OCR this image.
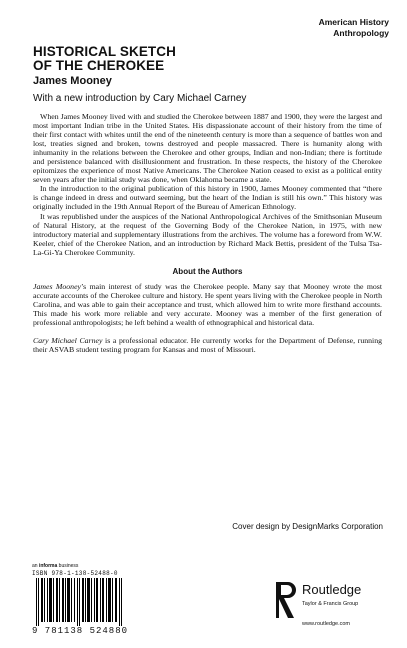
American History
Anthropology
HISTORICAL SKETCH
OF THE CHEROKEE
James Mooney
With a new introduction by Cary Michael Carney

When James Mooney lived with and studied the Cherokee between 1887 and 1900, they were the largest and most important Indian tribe in the United States. His dispassionate account of their history from the time of their first contact with whites until the end of the nineteenth century is more than a sequence of battles won and lost, treaties signed and broken, towns destroyed and people massacred. There is humanity along with inhumanity in the relations between the Cherokee and other groups, Indian and non-Indian; there is fortitude and persistence balanced with disillusionment and frustration. In these respects, the history of the Cherokee epitomizes the experience of most Native Americans. The Cherokee Nation ceased to exist as a political entity seven years after the initial study was done, when Oklahoma became a state.

In the introduction to the original publication of this history in 1900, James Mooney commented that “there is change indeed in dress and outward seeming, but the heart of the Indian is still his own.” This history was originally included in the 19th Annual Report of the Bureau of American Ethnology.

It was republished under the auspices of the National Anthropological Archives of the Smithsonian Museum of Natural History, at the request of the Governing Body of the Cherokee Nation, in 1975, with new introductory material and supplementary illustrations from the archives. The volume has a foreword from W.W. Keeler, chief of the Cherokee Nation, and an introduction by Richard Mack Bettis, president of the Tulsa Tsa-La-Gi-Ya Cherokee Community.

About the Authors

James Mooney’s main interest of study was the Cherokee people. Many say that Mooney wrote the most accurate accounts of the Cherokee culture and history. He spent years living with the Cherokee people in North Carolina, and was able to gain their acceptance and trust, which allowed him to write more firsthand accounts. This made his work more reliable and very accurate. Mooney was a member of the first generation of professional anthropologists; he left behind a wealth of ethnographical and historical data.

Cary Michael Carney is a professional educator. He currently works for the Department of Defense, running their ASVAB student testing program for Kansas and most of Missouri.

Cover design by DesignMarks Corporation
an informa business
ISBN 978-1-138-52488-0
9 781138 524880
Routledge
Taylor & Francis Group
www.routledge.com
